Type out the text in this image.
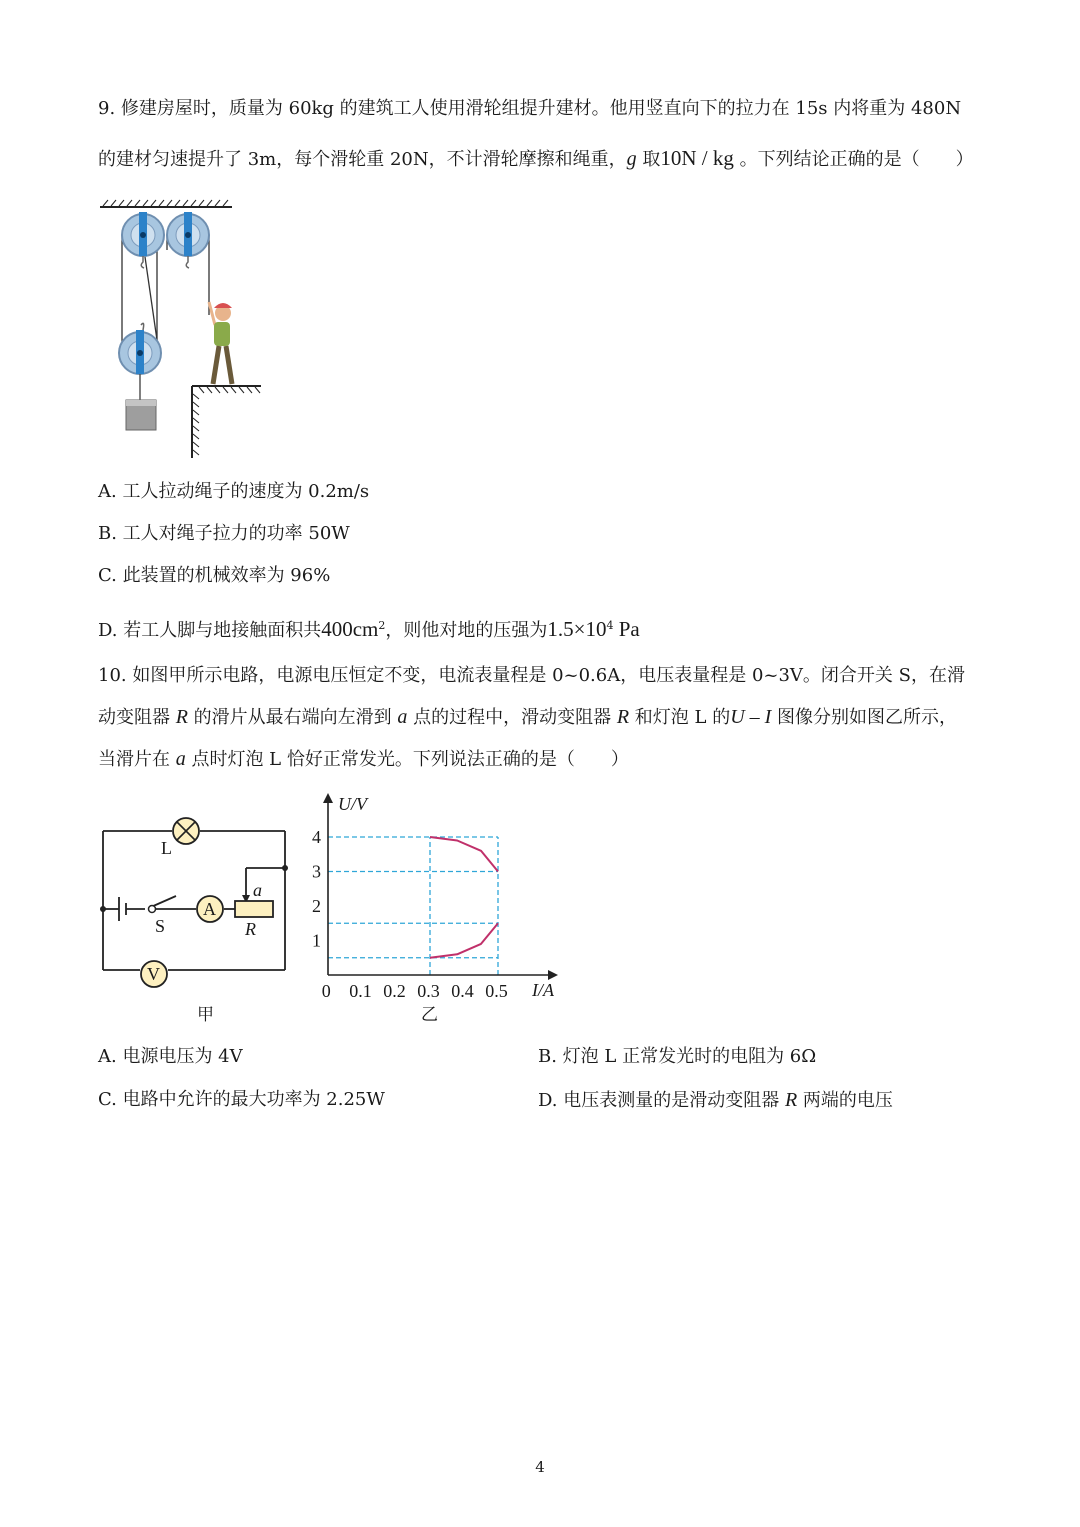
9. 修建房屋时，质量为 60kg 的建筑工人使用滑轮组提升建材。他用竖直向下的拉力在 15s 内将重为 480N
的建材匀速提升了 3m，每个滑轮重 20N，不计滑轮摩擦和绳重，g 取10N / kg 。下列结论正确的是（　　）
A. 工人拉动绳子的速度为 0.2m/s
B. 工人对绳子拉力的功率 50W
C. 此装置的机械效率为 96%
D. 若工人脚与地接触面积共$400cm^2$，则他对地的压强为$1.5\times 10^4$ Pa
10. 如图甲所示电路，电源电压恒定不变，电流表量程是 0~0.6A，电压表量程是 0~3V。闭合开关 S，在滑
动变阻器 R 的滑片从最右端向左滑到 a 点的过程中，滑动变阻器 R 和灯泡 L 的U – I 图像分别如图乙所示，
当滑片在 a 点时灯泡 L 恰好正常发光。下列说法正确的是（　　）
L
S
A
V
R
a
甲
1
2
3
4
0 0.1 0.2 0.3 0.4 0.5
U/V
I/A
乙
A. 电源电压为 4V	B. 灯泡 L 正常发光时的电阻为 6Ω
C. 电路中允许的最大功率为 2.25W	D. 电压表测量的是滑动变阻器 R 两端的电压
4
